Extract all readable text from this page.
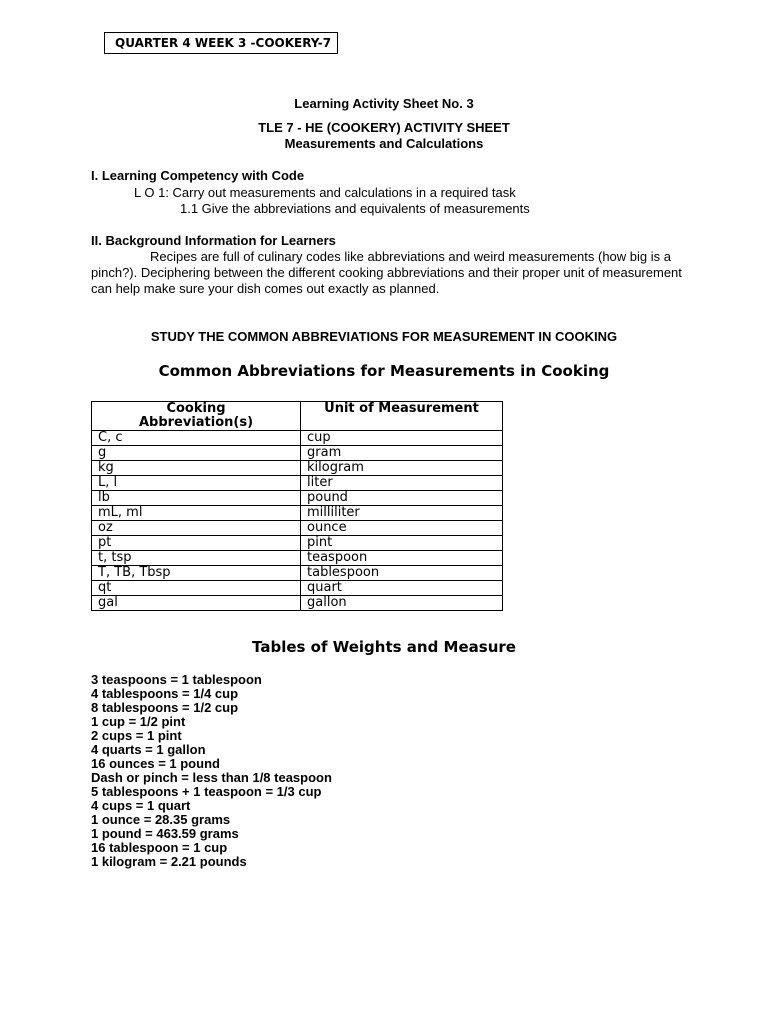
QUARTER 4 WEEK 3 -COOKERY-7
Learning Activity Sheet No. 3
TLE 7 - HE (COOKERY) ACTIVITY SHEET
Measurements and Calculations
I. Learning Competency with Code
L O 1: Carry out measurements and calculations in a required task
1.1 Give the abbreviations and equivalents of measurements
II. Background Information for Learners

Recipes are full of culinary codes like abbreviations and weird measurements (how big is a pinch?). Deciphering between the different cooking abbreviations and their proper unit of measurement can help make sure your dish comes out exactly as planned.

STUDY THE COMMON ABBREVIATIONS FOR MEASUREMENT IN COOKING
Common Abbreviations for Measurements in Cooking
Cooking
Abbreviation(s)	Unit of Measurement
C, c	cup
g	gram
kg	kilogram
L, l	liter
lb	pound
mL, ml	milliliter
oz	ounce
pt	pint
t, tsp	teaspoon
T, TB, Tbsp	tablespoon
qt	quart
gal	gallon
Tables of Weights and Measure
3 teaspoons = 1 tablespoon
4 tablespoons = 1/4 cup
8 tablespoons = 1/2 cup
1 cup = 1/2 pint
2 cups = 1 pint
4 quarts = 1 gallon
16 ounces = 1 pound
Dash or pinch = less than 1/8 teaspoon
5 tablespoons + 1 teaspoon = 1/3 cup
4 cups = 1 quart
1 ounce = 28.35 grams
1 pound = 463.59 grams
16 tablespoon = 1 cup
1 kilogram = 2.21 pounds
